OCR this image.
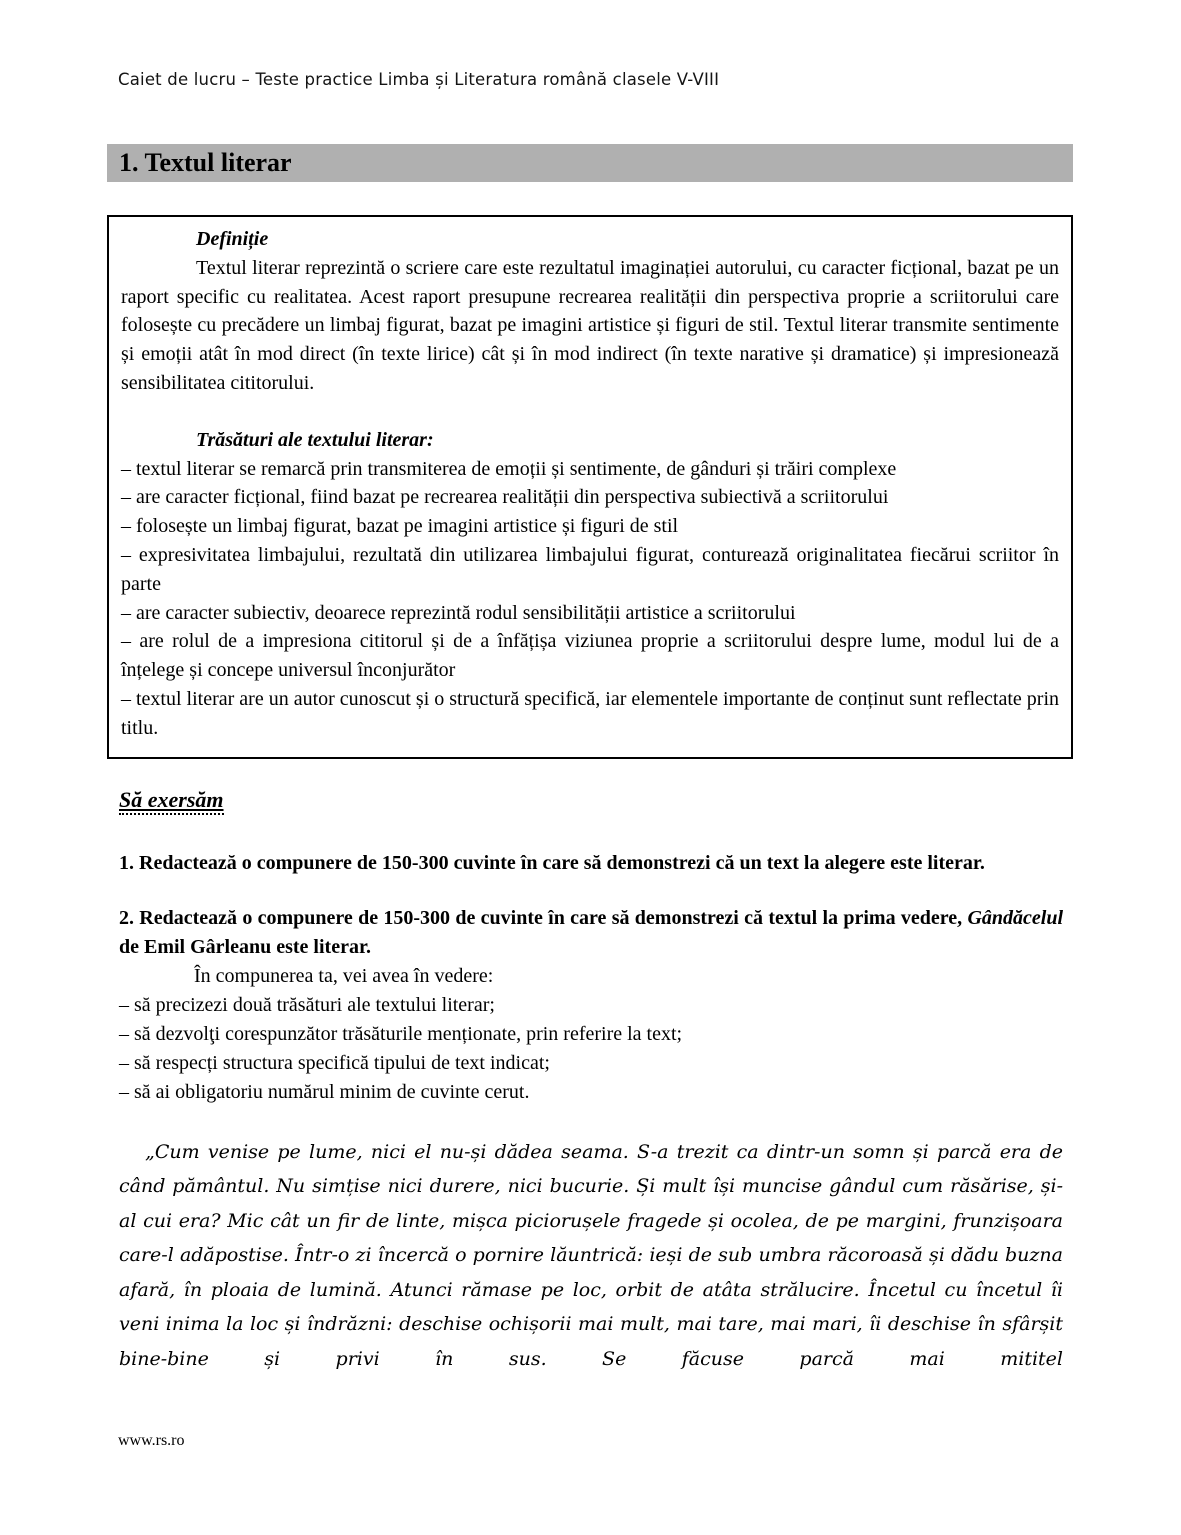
Caiet de lucru – Teste practice Limba și Literatura română clasele V-VIII
1. Textul literar

Definiție

Textul literar reprezintă o scriere care este rezultatul imaginației autorului, cu caracter ficțional, bazat pe un raport specific cu realitatea. Acest raport presupune recrearea realității din perspectiva proprie a scriitorului care folosește cu precădere un limbaj figurat, bazat pe imagini artistice și figuri de stil. Textul literar transmite sentimente și emoții atât în mod direct (în texte lirice) cât și în mod indirect (în texte narative și dramatice) și impresionează sensibilitatea cititorului.

Trăsături ale textului literar:

– textul literar se remarcă prin transmiterea de emoții și sentimente, de gânduri și trăiri complexe

– are caracter ficțional, fiind bazat pe recrearea realității din perspectiva subiectivă a scriitorului

– folosește un limbaj figurat, bazat pe imagini artistice și figuri de stil

– expresivitatea limbajului, rezultată din utilizarea limbajului figurat, conturează originalitatea fiecărui scriitor în parte

– are caracter subiectiv, deoarece reprezintă rodul sensibilității artistice a scriitorului

– are rolul de a impresiona cititorul și de a înfățișa viziunea proprie a scriitorului despre lume, modul lui de a înțelege și concepe universul înconjurător

– textul literar are un autor cunoscut și o structură specifică, iar elementele importante de conținut sunt reflectate prin titlu.

Să exersăm

1. Redactează o compunere de 150-300 cuvinte în care să demonstrezi că un text la alegere este literar.

2. Redactează o compunere de 150-300 de cuvinte în care să demonstrezi că textul la prima vedere, Gândăcelul de Emil Gârleanu este literar.

În compunerea ta, vei avea în vedere:

– să precizezi două trăsături ale textului literar;

– să dezvolţi corespunzător trăsăturile menționate, prin referire la text;

– să respecți structura specifică tipului de text indicat;

– să ai obligatoriu numărul minim de cuvinte cerut.

„Cum venise pe lume, nici el nu-și dădea seama. S-a trezit ca dintr-un somn și parcă era de când pământul. Nu simțise nici durere, nici bucurie. Și mult își muncise gândul cum răsărise, și-al cui era? Mic cât un fir de linte, mișca piciorușele fragede și ocolea, de pe margini, frunzișoara care-l adăpostise. Într-o zi încercă o pornire lăuntrică: ieși de sub umbra răcoroasă și dădu buzna afară, în ploaia de lumină. Atunci rămase pe loc, orbit de atâta strălucire. Încetul cu încetul îi veni inima la loc și îndrăzni: deschise ochișorii mai mult, mai tare, mai mari, îi deschise în sfârșit bine-bine și privi în sus. Se făcuse parcă mai mititel

www.rs.ro
